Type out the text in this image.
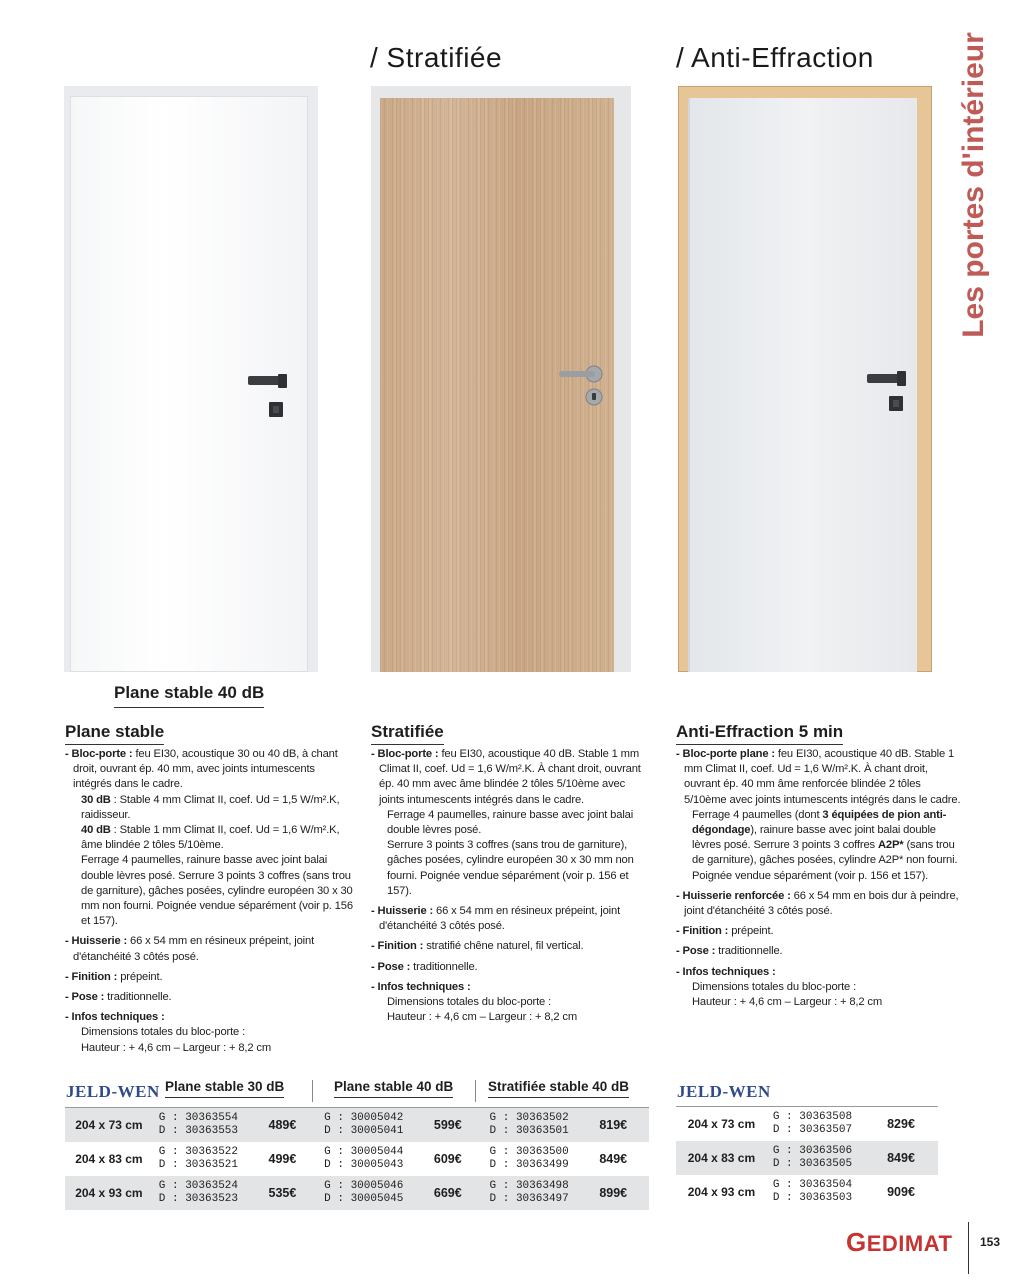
/ Stratifiée	/ Anti-Effraction	Les portes d'intérieur
Plane stable 40 dB
Plane stable
- Bloc-porte : feu EI30, acoustique 30 ou 40 dB, à chant droit, ouvrant ép. 40 mm, avec joints intumescents intégrés dans le cadre.
30 dB : Stable 4 mm Climat II, coef. Ud = 1,5 W/m².K, raidisseur.
40 dB : Stable 1 mm Climat II, coef. Ud = 1,6 W/m².K, âme blindée 2 tôles 5/10ème.
Ferrage 4 paumelles, rainure basse avec joint balai double lèvres posé. Serrure 3 points 3 coffres (sans trou de garniture), gâches posées, cylindre européen 30 x 30 mm non fourni. Poignée vendue séparément (voir p. 156 et 157).
- Huisserie : 66 x 54 mm en résineux prépeint, joint d'étanchéité 3 côtés posé.
- Finition : prépeint.
- Pose : traditionnelle.
- Infos techniques :
Dimensions totales du bloc-porte :
Hauteur : + 4,6 cm – Largeur : + 8,2 cm
Stratifiée
- Bloc-porte : feu EI30, acoustique 40 dB. Stable 1 mm Climat II, coef. Ud = 1,6 W/m².K. À chant droit, ouvrant ép. 40 mm avec âme blindée 2 tôles 5/10ème avec joints intumescents intégrés dans le cadre.
Ferrage 4 paumelles, rainure basse avec joint balai double lèvres posé.
Serrure 3 points 3 coffres (sans trou de garniture), gâches posées, cylindre européen 30 x 30 mm non fourni. Poignée vendue séparément (voir p. 156 et 157).
- Huisserie : 66 x 54 mm en résineux prépeint, joint d'étanchéité 3 côtés posé.
- Finition : stratifié chêne naturel, fil vertical.
- Pose : traditionnelle.
- Infos techniques :
Dimensions totales du bloc-porte :
Hauteur : + 4,6 cm – Largeur : + 8,2 cm
Anti-Effraction 5 min
- Bloc-porte plane : feu EI30, acoustique 40 dB. Stable 1 mm Climat II, coef. Ud = 1,6 W/m².K. À chant droit, ouvrant ép. 40 mm âme renforcée blindée 2 tôles 5/10ème avec joints intumescents intégrés dans le cadre.
Ferrage 4 paumelles (dont 3 équipées de pion anti-dégondage), rainure basse avec joint balai double lèvres posé. Serrure 3 points 3 coffres A2P* (sans trou de garniture), gâches posées, cylindre A2P* non fourni. Poignée vendue séparément (voir p. 156 et 157).
- Huisserie renforcée : 66 x 54 mm en bois dur à peindre, joint d'étanchéité 3 côtés posé.
- Finition : prépeint.
- Pose : traditionnelle.
- Infos techniques :
Dimensions totales du bloc-porte :
Hauteur : + 4,6 cm – Largeur : + 8,2 cm
JELD-WEN	JELD-WEN
Plane stable 30 dB	Plane stable 40 dB	Stratifiée stable 40 dB
204 x 73 cm	G : 30363554
D : 30363553	489€	G : 30005042
D : 30005041	599€	G : 30363502
D : 30363501	819€
204 x 83 cm	G : 30363522
D : 30363521	499€	G : 30005044
D : 30005043	609€	G : 30363500
D : 30363499	849€
204 x 93 cm	G : 30363524
D : 30363523	535€	G : 30005046
D : 30005045	669€	G : 30363498
D : 30363497	899€
204 x 73 cm	G : 30363508
D : 30363507	829€
204 x 83 cm	G : 30363506
D : 30363505	849€
204 x 93 cm	G : 30363504
D : 30363503	909€
GEDIMAT 153
